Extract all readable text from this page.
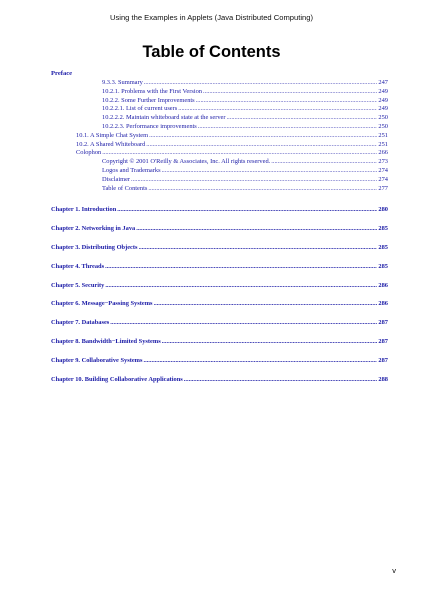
Using the Examples in Applets (Java Distributed Computing)
Table of Contents
Preface
9.3.3. Summary .....	247
10.2.1. Problems with the First Version .....	249
10.2.2. Some Further Improvements .....	249
10.2.2.1. List of current users .....	249
10.2.2.2. Maintain whiteboard state at the server .....	250
10.2.2.3. Performance improvements .....	250
10.1. A Simple Chat System .....	251
10.2. A Shared Whiteboard .....	251
Colophon .....	266
Copyright © 2001 O'Reilly & Associates, Inc. All rights reserved. .....	273
Logos and Trademarks .....	274
Disclaimer .....	274
Table of Contents .....	277
Chapter 1. Introduction .....	280
Chapter 2. Networking in Java .....	285
Chapter 3. Distributing Objects .....	285
Chapter 4. Threads .....	285
Chapter 5. Security .....	286
Chapter 6. Message−Passing Systems .....	286
Chapter 7. Databases .....	287
Chapter 8. Bandwidth−Limited Systems .....	287
Chapter 9. Collaborative Systems .....	287
Chapter 10. Building Collaborative Applications .....	288
v
